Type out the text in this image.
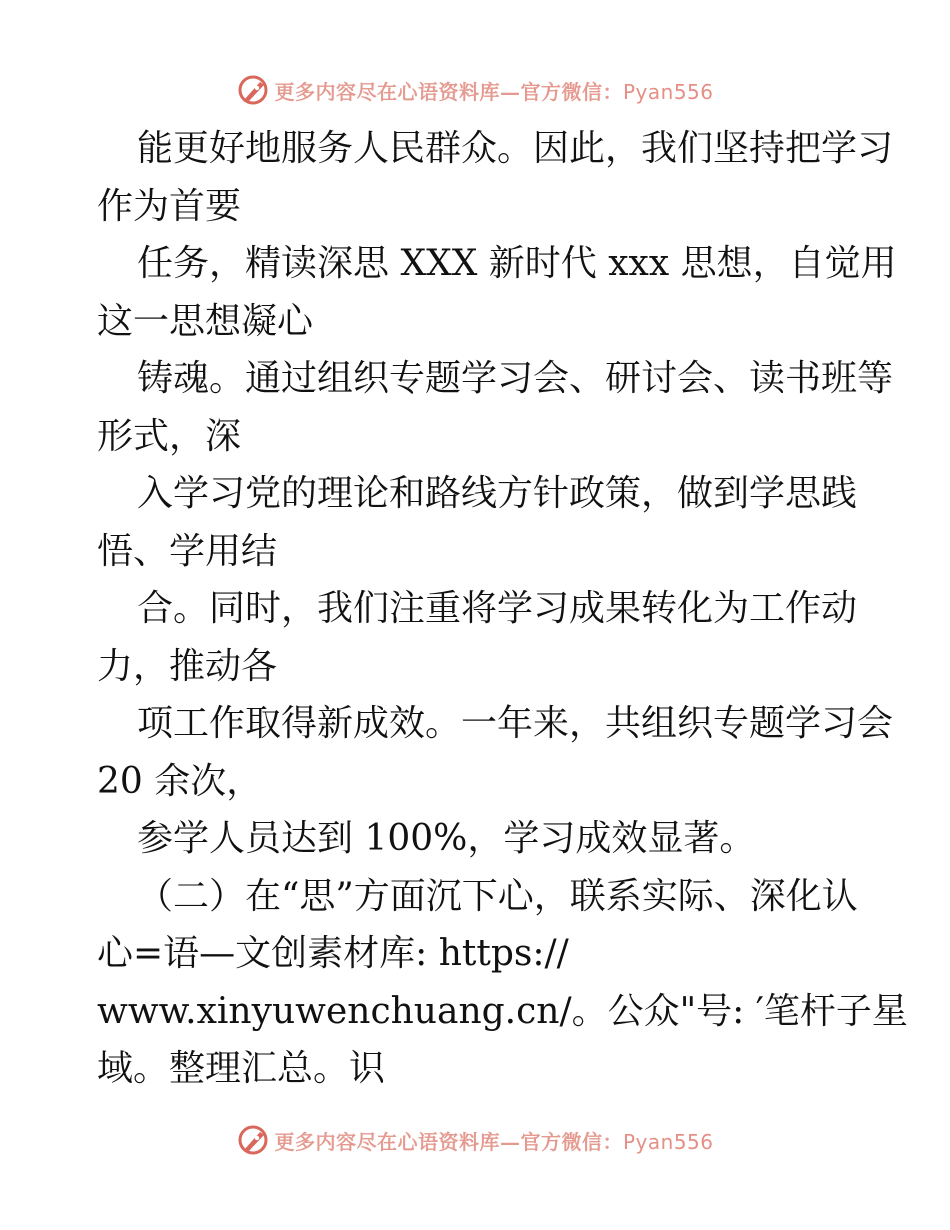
更多内容尽在心语资料库—官方微信：Pyan556
能更好地服务人民群众。因此，我们坚持把学习
作为首要
任务，精读深思 XXX 新时代 xxx 思想，自觉用
这一思想凝心
铸魂。通过组织专题学习会、研讨会、读书班等
形式，深
入学习党的理论和路线方针政策，做到学思践
悟、学用结
合。同时，我们注重将学习成果转化为工作动
力，推动各
项工作取得新成效。一年来，共组织专题学习会
20 余次，
参学人员达到 100%，学习成效显著。
（二）在“思”方面沉下心，联系实际、深化认
心=语—文创素材库: https://
www.xinyuwenchuang.cn/。公众"号: ′笔杆子星
域。整理汇总。识
更多内容尽在心语资料库—官方微信：Pyan556
